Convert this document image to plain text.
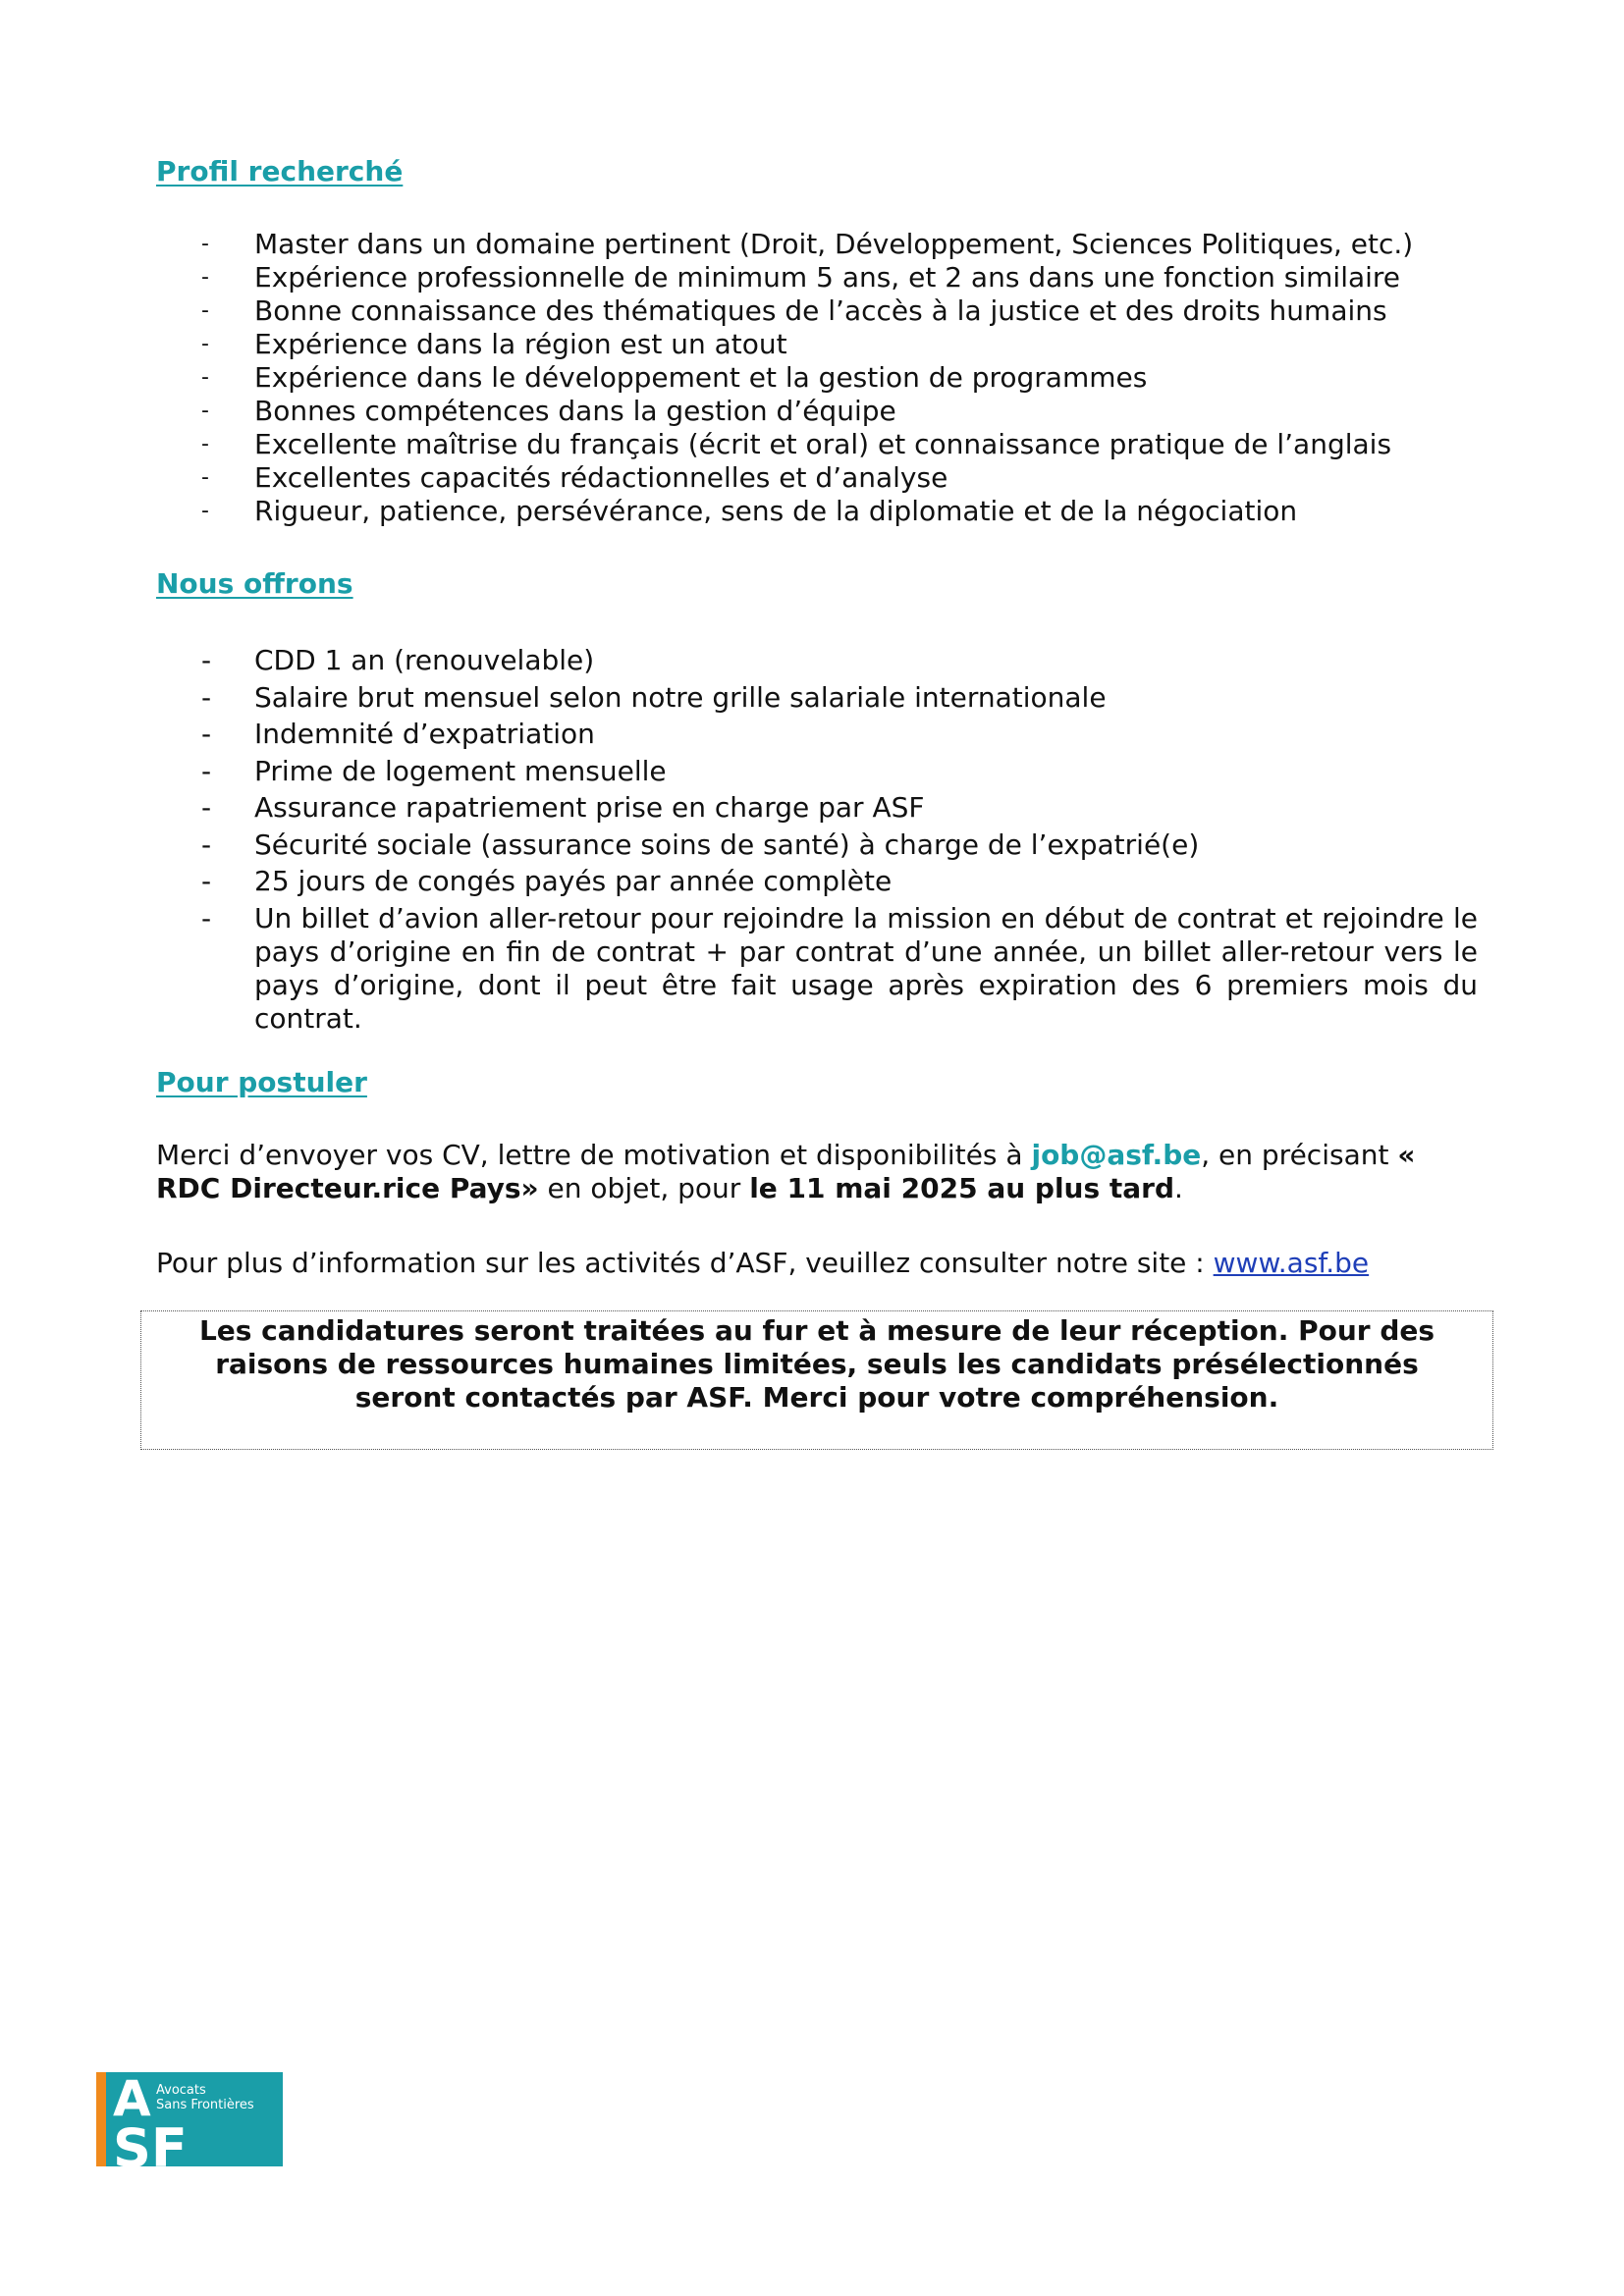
Profil recherché
-	Master dans un domaine pertinent (Droit, Développement, Sciences Politiques, etc.)
-	Expérience professionnelle de minimum 5 ans, et 2 ans dans une fonction similaire
-	Bonne connaissance des thématiques de l’accès à la justice et des droits humains
-	Expérience dans la région est un atout
-	Expérience dans le développement et la gestion de programmes
-	Bonnes compétences dans la gestion d’équipe
-	Excellente maîtrise du français (écrit et oral) et connaissance pratique de l’anglais
-	Excellentes capacités rédactionnelles et d’analyse
-	Rigueur, patience, persévérance, sens de la diplomatie et de la négociation
Nous offrons
-	CDD 1 an (renouvelable)
-	Salaire brut mensuel selon notre grille salariale internationale
-	Indemnité d’expatriation
-	Prime de logement mensuelle
-	Assurance rapatriement prise en charge par ASF
-	Sécurité sociale (assurance soins de santé) à charge de l’expatrié(e)
-	25 jours de congés payés par année complète
-	Un billet d’avion aller-retour pour rejoindre la mission en début de contrat et rejoindre le pays d’origine en fin de contrat + par contrat d’une année, un billet aller-retour vers le pays d’origine, dont il peut être fait usage après expiration des 6 premiers mois du contrat.
Pour postuler

Merci d’envoyer vos CV, lettre de motivation et disponibilités à job@asf.be, en précisant « RDC Directeur.rice Pays» en objet, pour le 11 mai 2025 au plus tard.

Pour plus d’information sur les activités d’ASF, veuillez consulter notre site : www.asf.be

Les candidatures seront traitées au fur et à mesure de leur réception. Pour des raisons de ressources humaines limitées, seuls les candidats présélectionnés seront contactés par ASF. Merci pour votre compréhension.
A Avocats
Sans Frontières
SF
